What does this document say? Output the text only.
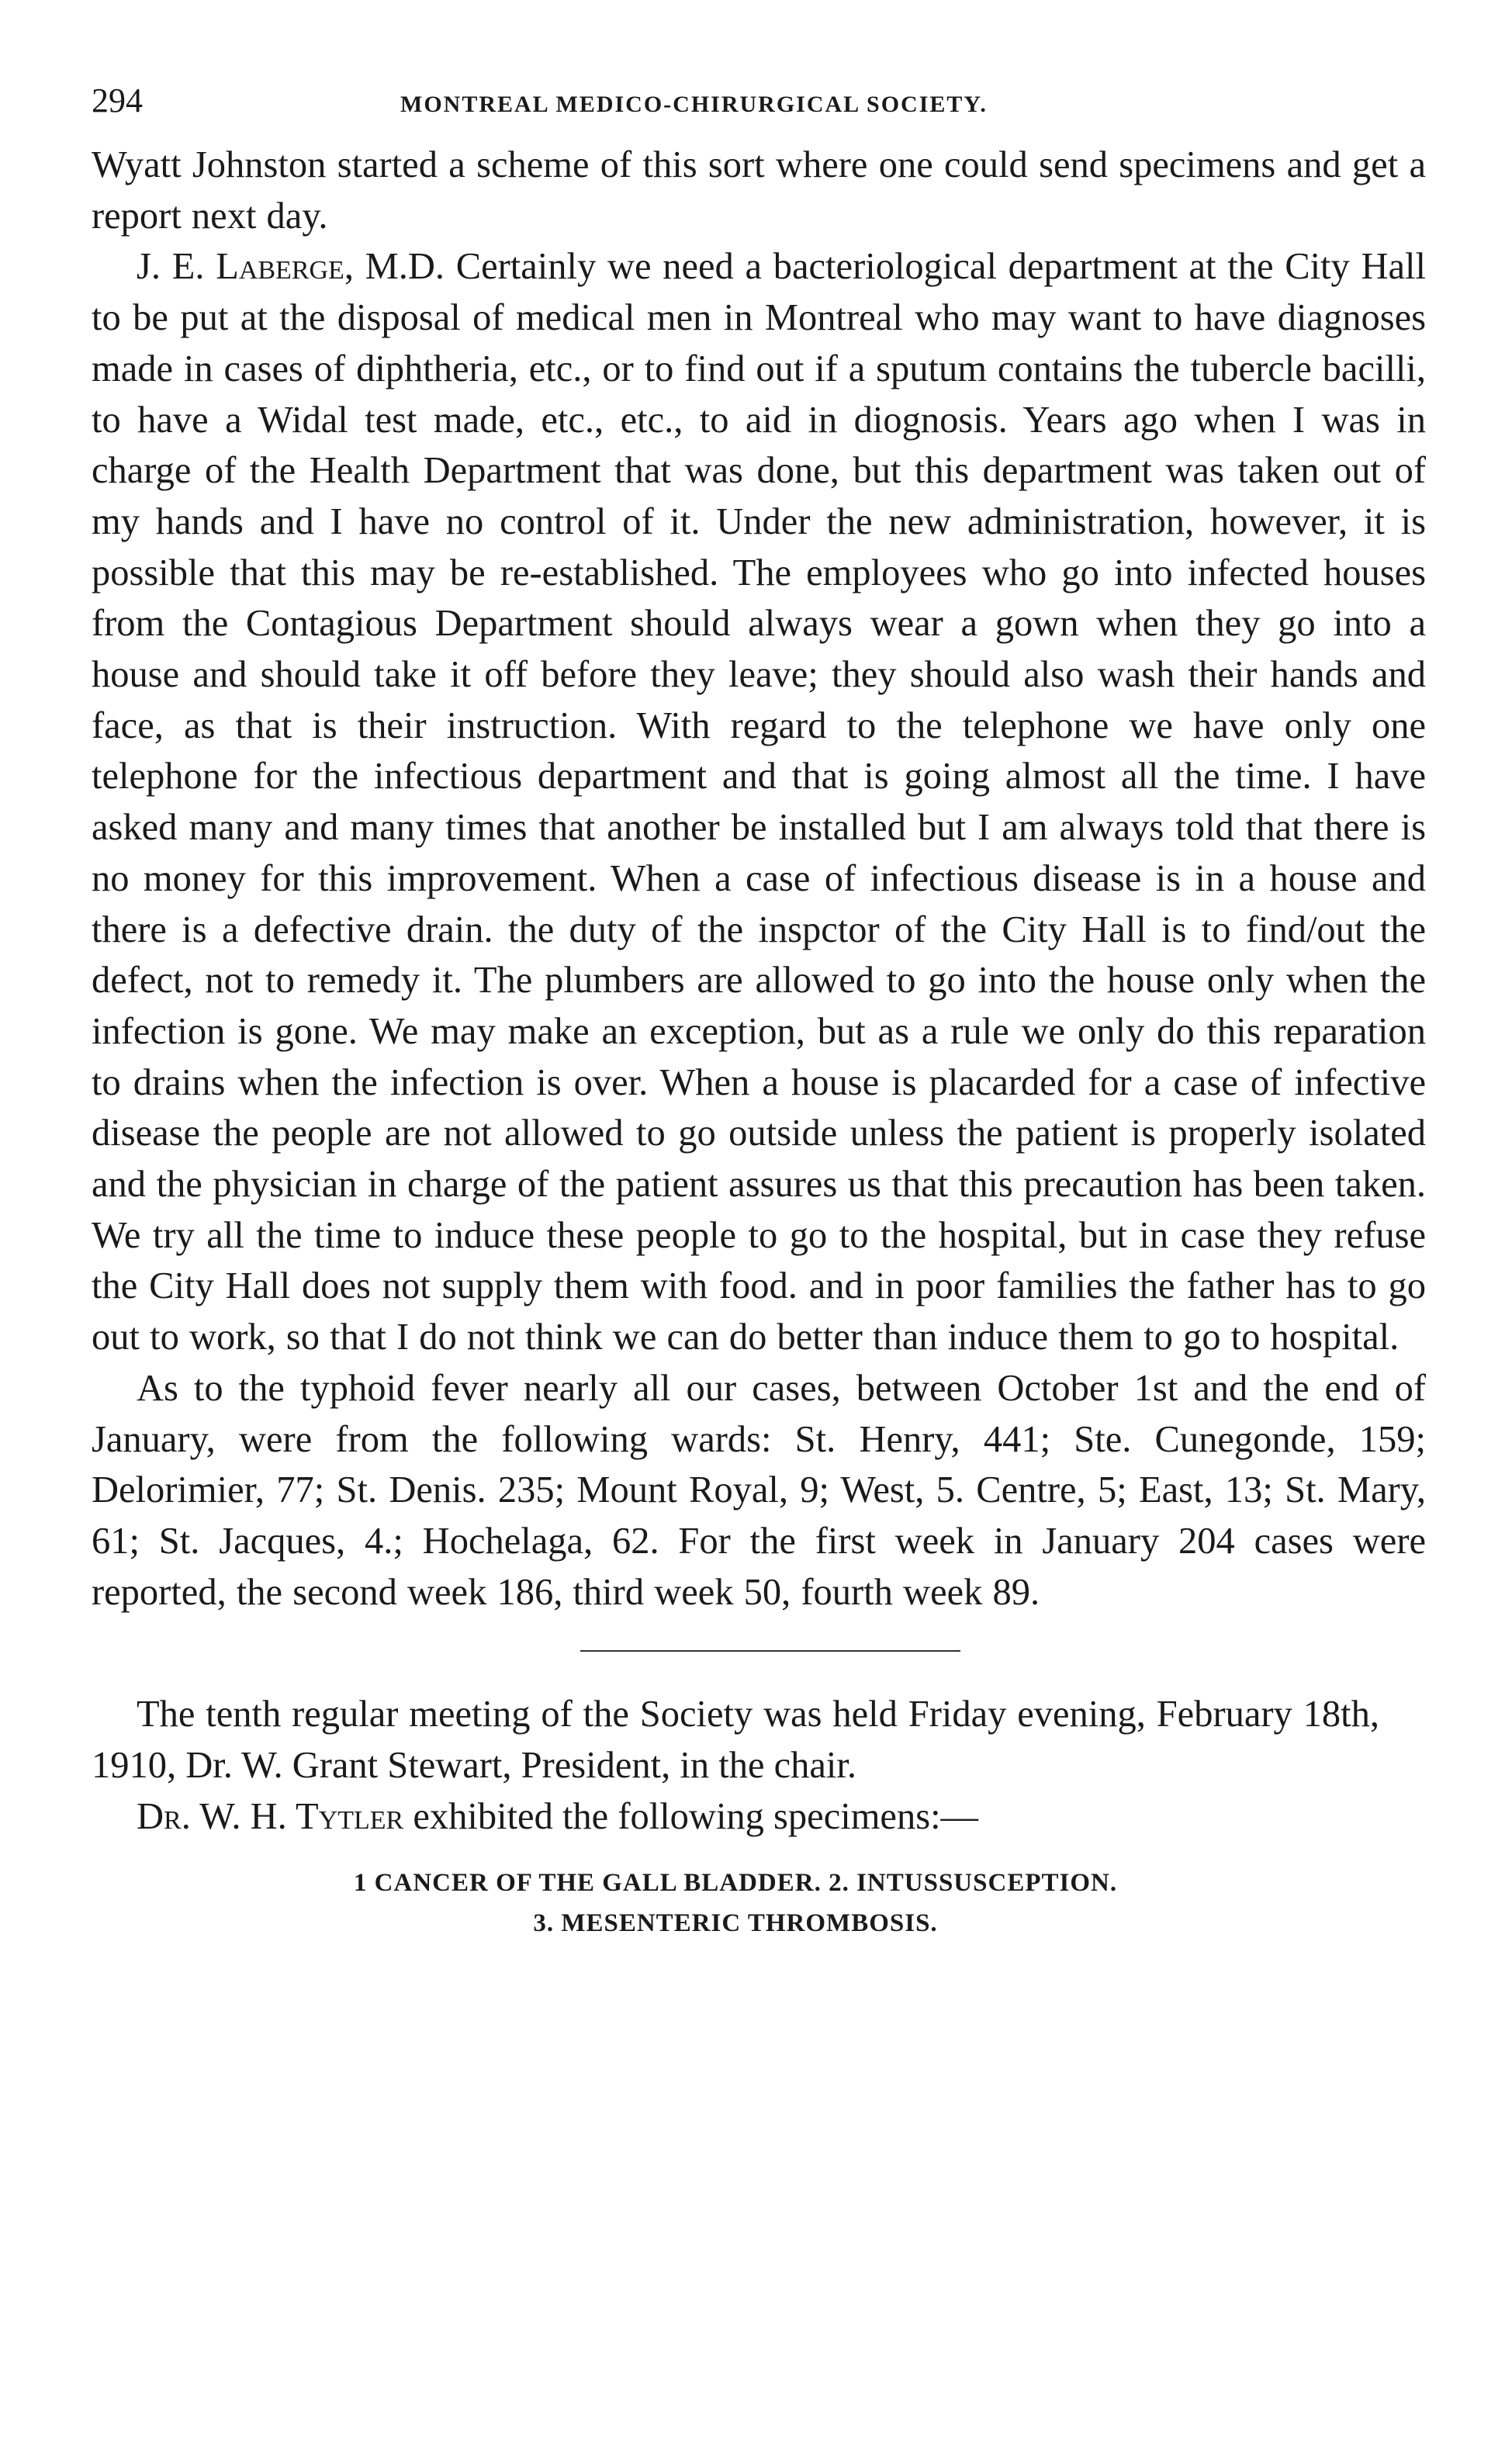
294	MONTREAL MEDICO-CHIRURGICAL SOCIETY.

Wyatt Johnston started a scheme of this sort where one could send specimens and get a report next day.

J. E. Laberge, M.D. Certainly we need a bacteriological department at the City Hall to be put at the disposal of medical men in Montreal who may want to have diagnoses made in cases of diphtheria, etc., or to find out if a sputum contains the tubercle bacilli, to have a Widal test made, etc., etc., to aid in diognosis. Years ago when I was in charge of the Health Department that was done, but this department was taken out of my hands and I have no control of it. Under the new administration, however, it is possible that this may be re-established. The employees who go into infected houses from the Contagious Department should always wear a gown when they go into a house and should take it off before they leave; they should also wash their hands and face, as that is their instruction. With regard to the telephone we have only one telephone for the infectious department and that is going almost all the time. I have asked many and many times that another be installed but I am always told that there is no money for this improvement. When a case of infectious disease is in a house and there is a defective drain. the duty of the inspctor of the City Hall is to find/out the defect, not to remedy it. The plumbers are allowed to go into the house only when the infection is gone. We may make an exception, but as a rule we only do this reparation to drains when the infection is over. When a house is placarded for a case of infective disease the people are not allowed to go outside unless the patient is properly isolated and the physician in charge of the patient assures us that this precaution has been taken. We try all the time to induce these people to go to the hospital, but in case they refuse the City Hall does not supply them with food. and in poor families the father has to go out to work, so that I do not think we can do better than induce them to go to hospital.

As to the typhoid fever nearly all our cases, between October 1st and the end of January, were from the following wards: St. Henry, 441; Ste. Cunegonde, 159; Delorimier, 77; St. Denis. 235; Mount Royal, 9; West, 5. Centre, 5; East, 13; St. Mary, 61; St. Jacques, 4.; Hochelaga, 62. For the first week in January 204 cases were reported, the second week 186, third week 50, fourth week 89.

The tenth regular meeting of the Society was held Friday evening, February 18th, 1910, Dr. W. Grant Stewart, President, in the chair.

Dr. W. H. Tytler exhibited the following specimens:—

1 CANCER OF THE GALL BLADDER. 2. INTUSSUSCEPTION.
3. MESENTERIC THROMBOSIS.
